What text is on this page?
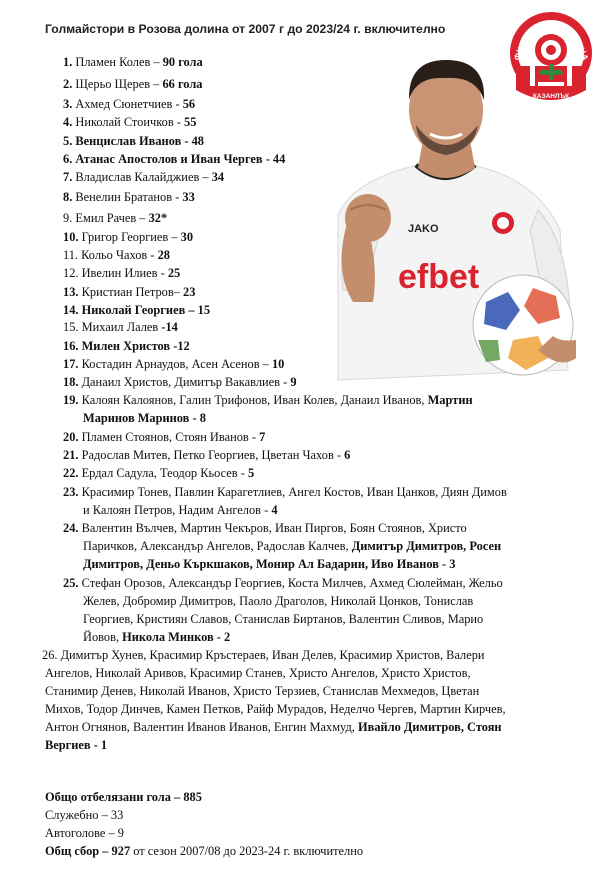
Голмайстори в Розова долина от 2007 г до 2023/24 г. включително
ФК РОЗОВА ДОЛИНА
КАЗАНЛЪК
JAKO
efbet
1. Пламен Колев – 90 гола
2. Щерьо Щерев – 66 гола
3. Ахмед Сюнетчиев - 56
4. Николай Стоичков - 55
5. Венцислав Иванов - 48
6. Атанас Апостолов и Иван Чергев - 44
7. Владислав Калайджиев – 34
8. Венелин Братанов - 33
9. Емил Рачев – 32*
10. Григор Георгиев – 30
11. Кольо Чахов - 28
12. Ивелин Илиев - 25
13. Кристиан Петров– 23
14. Николай Георгиев – 15
15. Михаил Лалев -14
16. Милен Христов -12
17. Костадин Арнаудов, Асен Асенов – 10
18. Данаил Христов, Димитър Вакавлиев - 9
19. Калоян Калоянов, Галин Трифонов, Иван Колев, Данаил Иванов, Мартин
Маринов Маринов - 8
20. Пламен Стоянов, Стоян Иванов - 7
21. Радослав Митев, Петко Георгиев, Цветан Чахов - 6
22. Ердал Садула, Теодор Кьосев - 5
23. Красимир Тонев, Павлин Карагетлиев, Ангел Костов, Иван Цанков, Диян Димов
и Калоян Петров, Надим Ангелов - 4
24. Валентин Вълчев, Мартин Чекъров, Иван Пиргов, Боян Стоянов, Христо
Паричков, Александър Ангелов, Радослав Калчев, Димитър Димитров, Росен
Димитров, Деньо Къркшаков, Монир Ал Бадарин, Иво Иванов - 3
25. Стефан Орозов, Александър Георгиев, Коста Милчев, Ахмед Сюлейман, Жельо
Желев, Добромир Димитров, Паоло Драголов, Николай Цонков, Тонислав
Георгиев, Кристиян Славов, Станислав Биртанов, Валентин Сливов, Марио
Йовов, Никола Минков - 2
26. Димитър Хунев, Красимир Кръстераев, Иван Делев, Красимир Христов, Валери
Ангелов, Николай Аривов, Красимир Станев, Христо Ангелов, Христо Христов,
Станимир Денев, Николай Иванов, Христо Терзиев, Станислав Мехмедов, Цветан
Михов, Тодор Динчев, Камен Петков, Райф Мурадов, Неделчо Чергев, Мартин Кирчев,
Антон Огнянов, Валентин Иванов Иванов, Енгин Махмуд, Ивайло Димитров, Стоян
Вергиев - 1
Общо отбелязани гола – 885
Служебно – 33
Автоголове – 9
Общ сбор – 927 от сезон 2007/08 до 2023-24 г. включително
